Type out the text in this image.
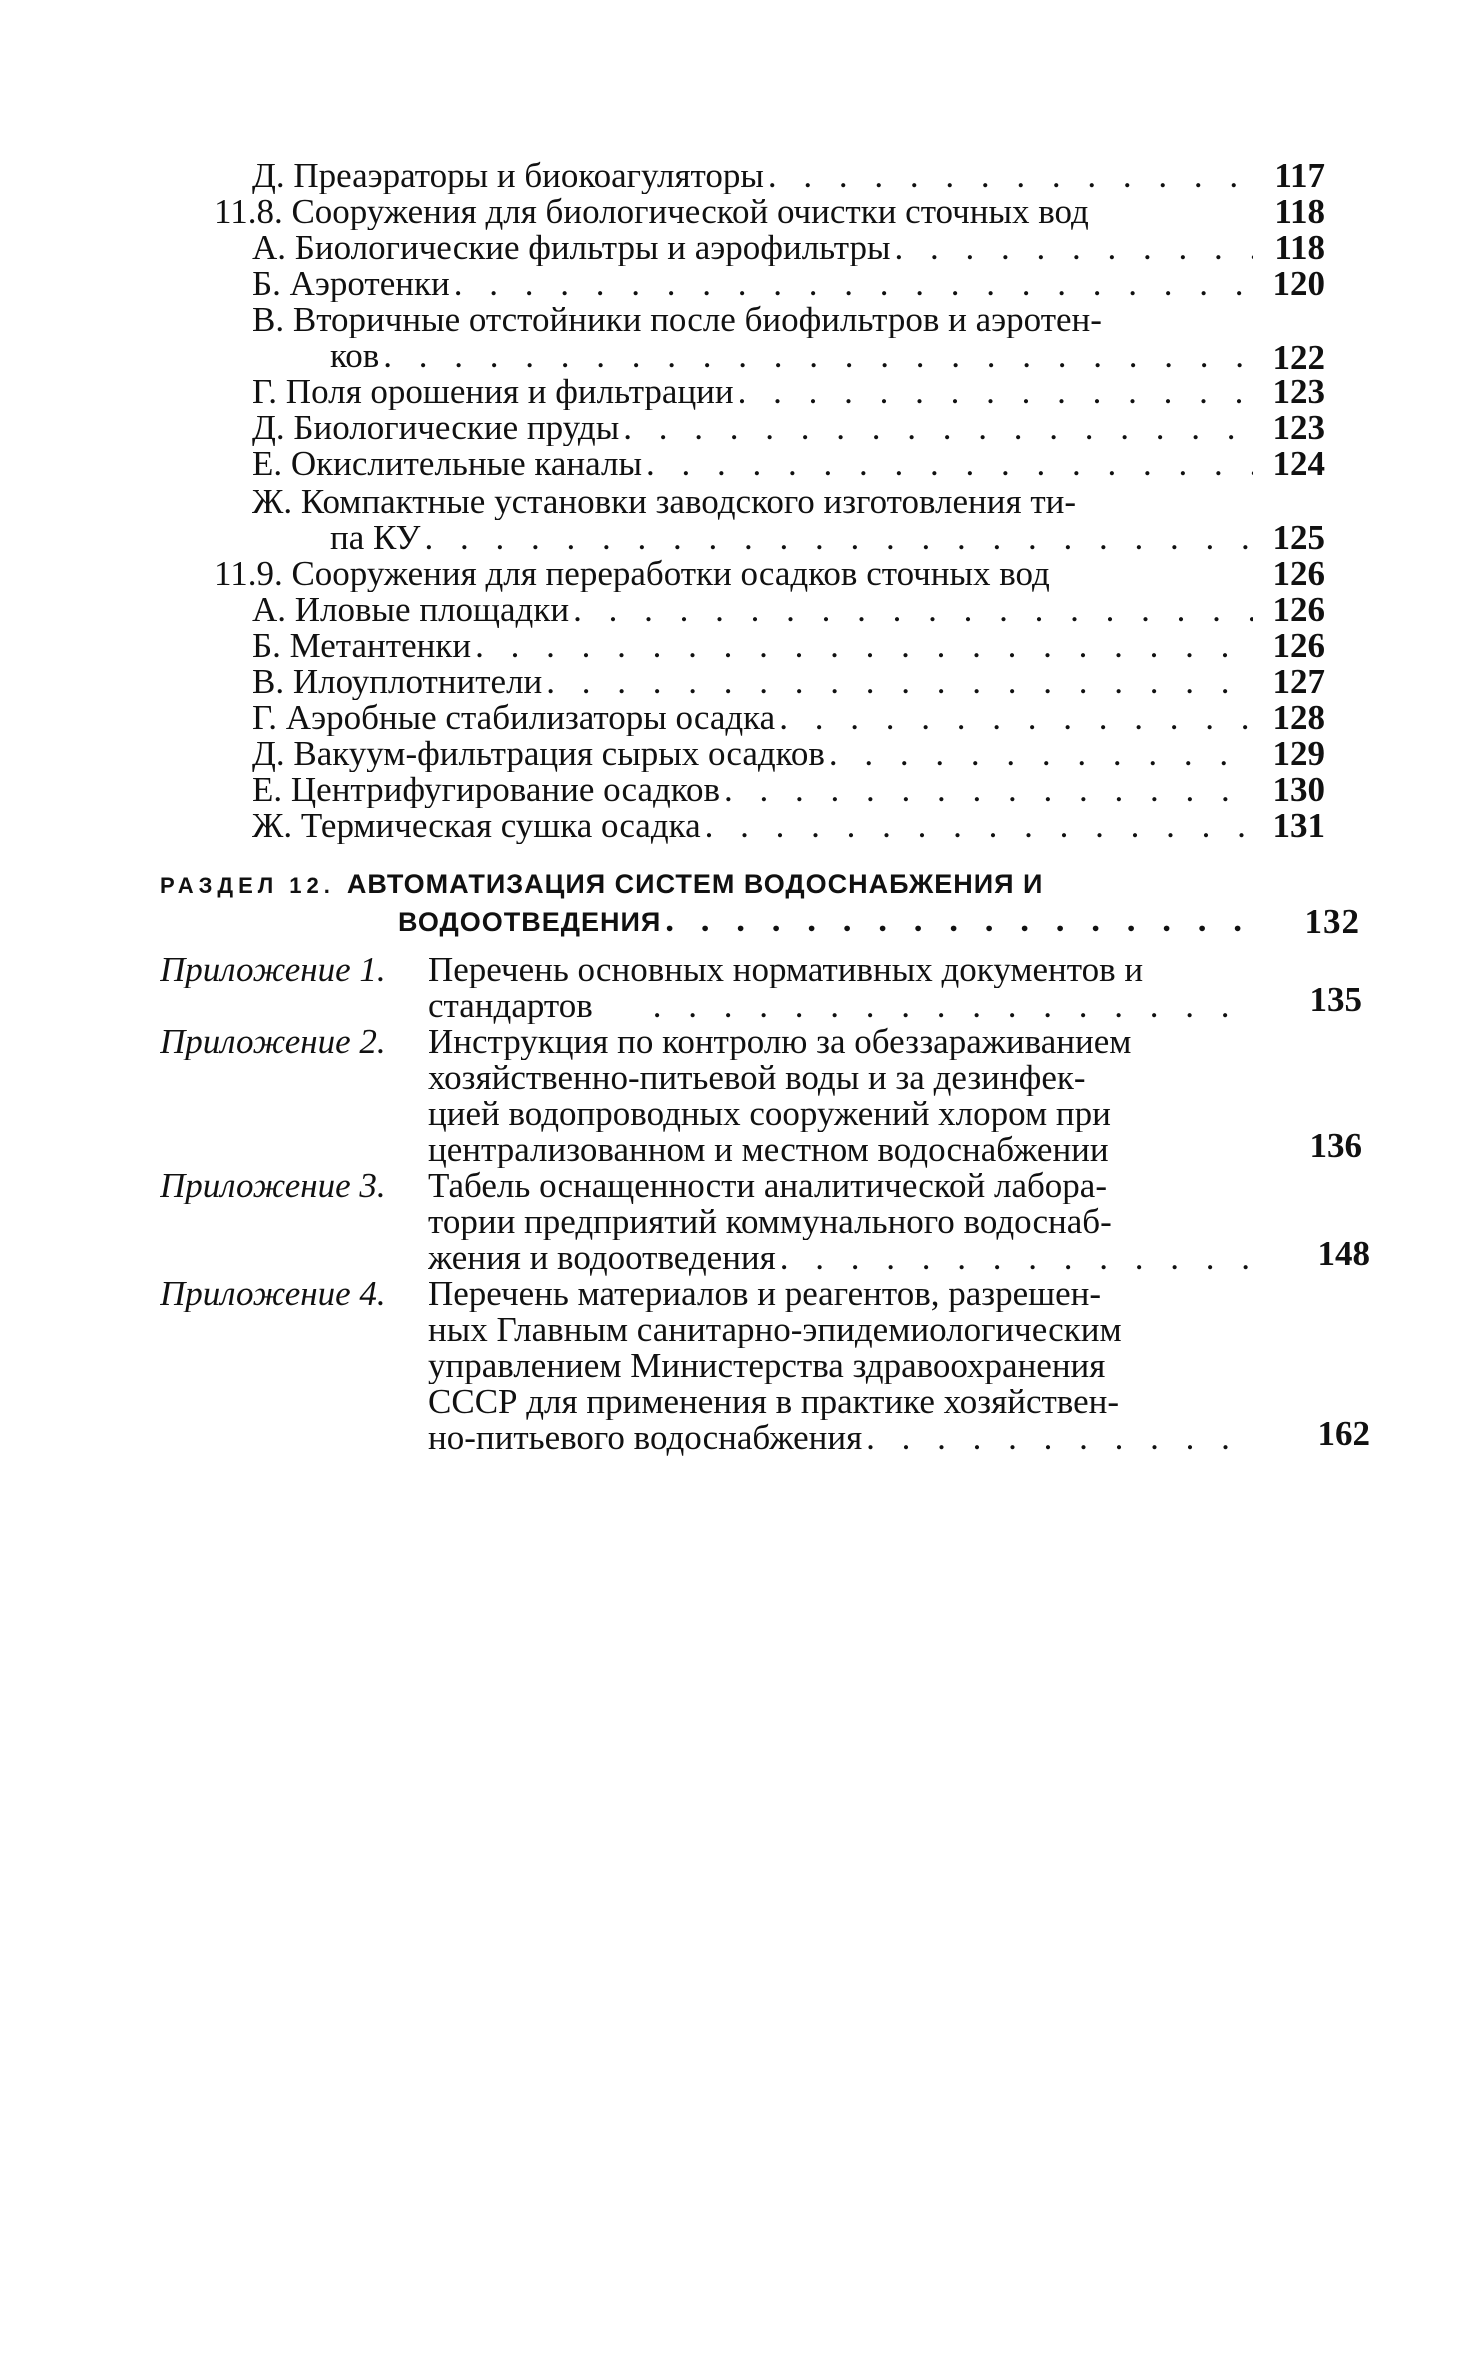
Д. Преаэраторы и биокоагуляторы . . .	117
11.8. Сооружения для биологической очистки сточных вод	118
А. Биологические фильтры и аэрофильтры . . .	118
Б. Аэротенки . . .	120
В. Вторичные отстойники после биофильтров и аэротен-
ков . . .	122
Г. Поля орошения и фильтрации . . .	123
Д. Биологические пруды . . .	123
Е. Окислительные каналы . . .	124
Ж. Компактные установки заводского изготовления ти-
па КУ . . .	125
11.9. Сооружения для переработки осадков сточных вод	126
А. Иловые площадки . . .	126
Б. Метантенки . . .	126
В. Илоуплотнители . . .	127
Г. Аэробные стабилизаторы осадка . . .	128
Д. Вакуум-фильтрация сырых осадков . . .	129
Е. Центрифугирование осадков . . .	130
Ж. Термическая сушка осадка . . .	131
РАЗДЕЛ 12. АВТОМАТИЗАЦИЯ СИСТЕМ ВОДОСНАБЖЕНИЯ И
ВОДООТВЕДЕНИЯ . . .	132
Приложение 1. Перечень основных нормативных документов и
стандартов . . .	135
Приложение 2. Инструкция по контролю за обеззараживанием
хозяйственно-питьевой воды и за дезинфек-
цией водопроводных сооружений хлором при
централизованном и местном водоснабжении	136
Приложение 3. Табель оснащенности аналитической лабора-
тории предприятий коммунального водоснаб-
жения и водоотведения . . .	148
Приложение 4. Перечень материалов и реагентов, разрешен-
ных Главным санитарно-эпидемиологическим
управлением Министерства здравоохранения
СССР для применения в практике хозяйствен-
но-питьевого водоснабжения . . .	162
